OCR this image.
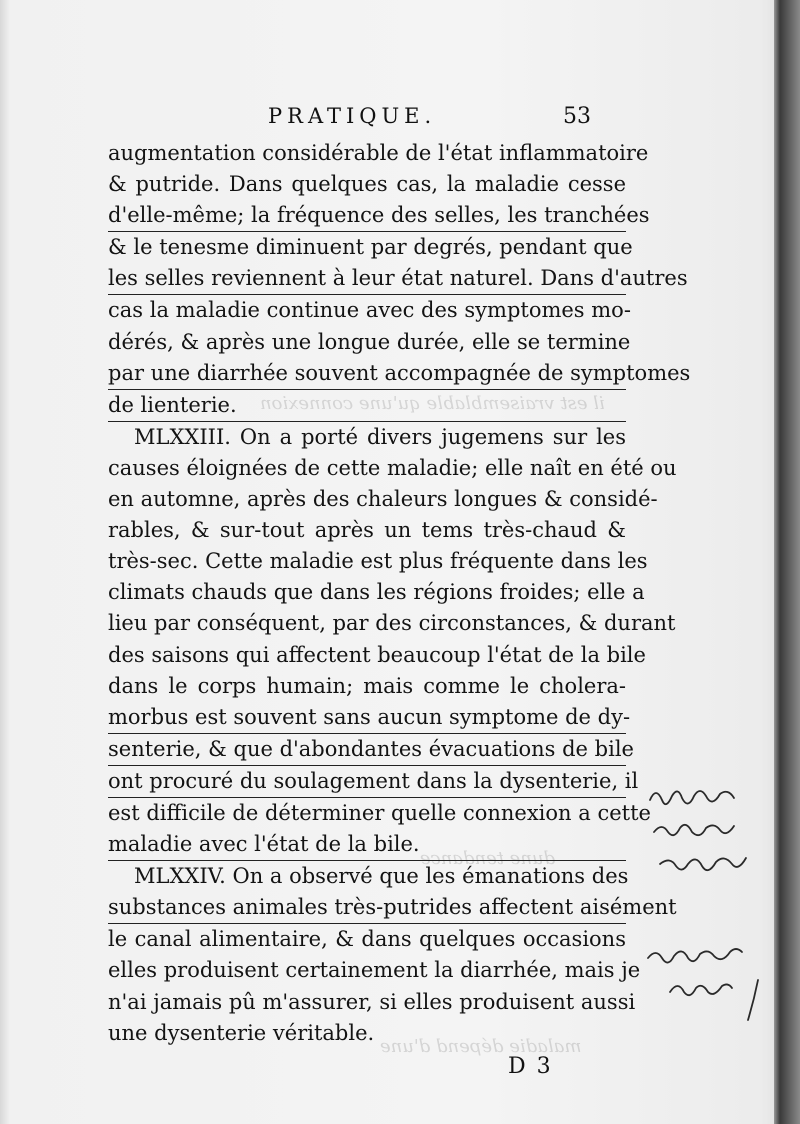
il est vraisemblable qu'une connexion
dune tendance
maladie dépend d'une
PRATIQUE.	53
augmentation considérable de l'état inflammatoire
& putride. Dans quelques cas, la maladie cesse
d'elle-même; la fréquence des selles, les tranchées
& le tenesme diminuent par degrés, pendant que
les selles reviennent à leur état naturel. Dans d'autres
cas la maladie continue avec des symptomes mo-
dérés, & après une longue durée, elle se termine
par une diarrhée souvent accompagnée de symptomes
de lienterie.
MLXXIII. On a porté divers jugemens sur les
causes éloignées de cette maladie; elle naît en été ou
en automne, après des chaleurs longues & considé-
rables, & sur-tout après un tems très-chaud &
très-sec. Cette maladie est plus fréquente dans les
climats chauds que dans les régions froides; elle a
lieu par conséquent, par des circonstances, & durant
des saisons qui affectent beaucoup l'état de la bile
dans le corps humain; mais comme le cholera-
morbus est souvent sans aucun symptome de dy-
senterie, & que d'abondantes évacuations de bile
ont procuré du soulagement dans la dysenterie, il
est difficile de déterminer quelle connexion a cette
maladie avec l'état de la bile.
MLXXIV. On a observé que les émanations des
substances animales très-putrides affectent aisément
le canal alimentaire, & dans quelques occasions
elles produisent certainement la diarrhée, mais je
n'ai jamais pû m'assurer, si elles produisent aussi
une dysenterie véritable.
D 3
